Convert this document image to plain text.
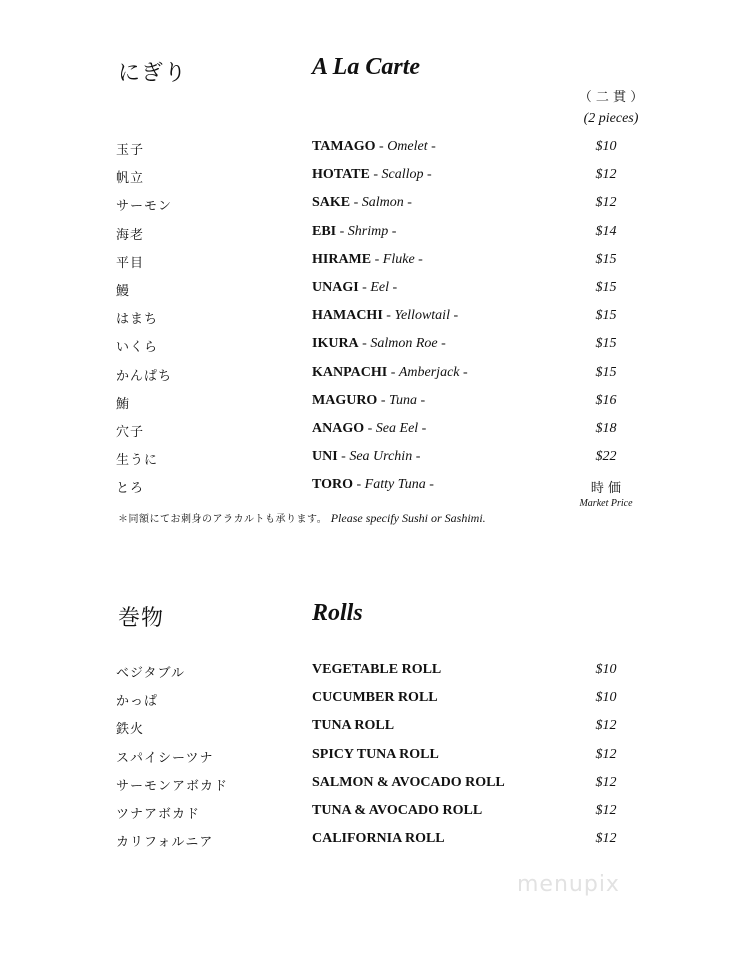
にぎり	A La Carte
（ 二 貫 ）
(2 pieces)
玉子	TAMAGO - Omelet -	$10
帆立	HOTATE - Scallop -	$12
サーモン	SAKE - Salmon -	$12
海老	EBI - Shrimp -	$14
平目	HIRAME - Fluke -	$15
鰻	UNAGI - Eel -	$15
はまち	HAMACHI - Yellowtail -	$15
いくら	IKURA - Salmon Roe -	$15
かんぱち	KANPACHI - Amberjack -	$15
鮪	MAGURO - Tuna -	$16
穴子	ANAGO - Sea Eel -	$18
生うに	UNI - Sea Urchin -	$22
とろ	TORO - Fatty Tuna -	時 価
Market Price
＊同額にてお刺身のアラカルトも承ります。 Please specify Sushi or Sashimi.
巻物	Rolls
ベジタブル	VEGETABLE ROLL	$10
かっぱ	CUCUMBER ROLL	$10
鉄火	TUNA ROLL	$12
スパイシーツナ	SPICY TUNA ROLL	$12
サーモンアボカド	SALMON & AVOCADO ROLL	$12
ツナアボカド	TUNA & AVOCADO ROLL	$12
カリフォルニア	CALIFORNIA ROLL	$12
menupix
